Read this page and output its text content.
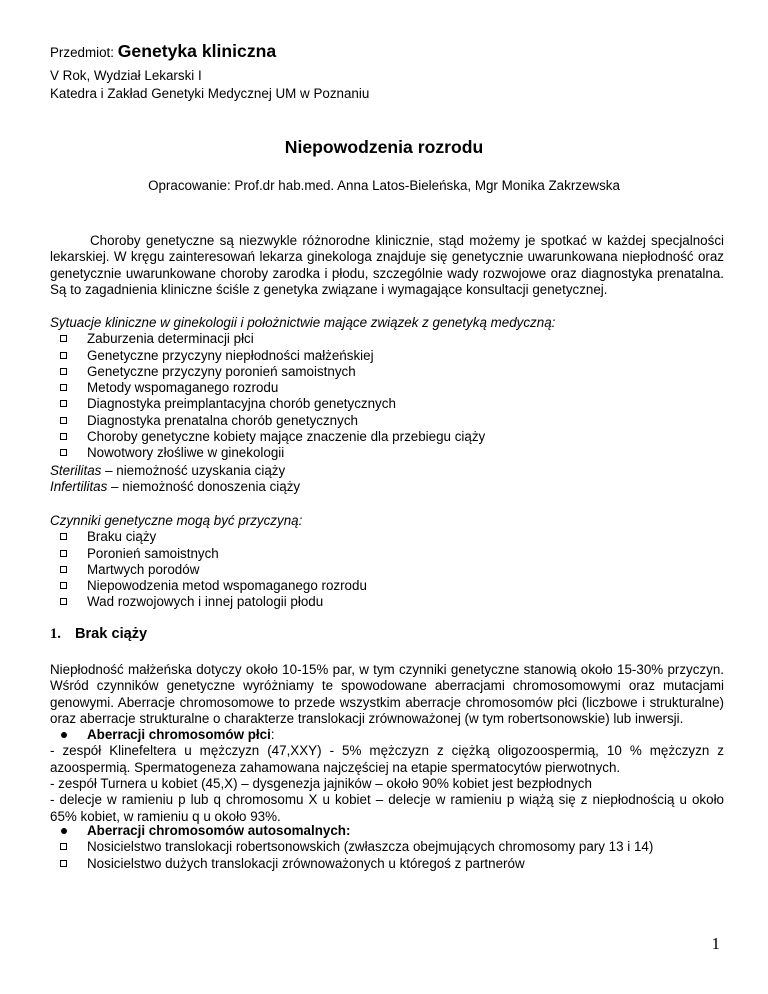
Przedmiot: Genetyka kliniczna
V Rok, Wydział Lekarski I
Katedra i Zakład Genetyki Medycznej UM w Poznaniu
Niepowodzenia rozrodu
Opracowanie: Prof.dr hab.med. Anna Latos-Bieleńska, Mgr Monika Zakrzewska
Choroby genetyczne są niezwykle różnorodne klinicznie, stąd możemy je spotkać w każdej specjalności lekarskiej. W kręgu zainteresowań lekarza ginekologa znajduje się genetycznie uwarunkowana niepłodność oraz genetycznie uwarunkowane choroby zarodka i płodu, szczególnie wady rozwojowe oraz diagnostyka prenatalna. Są to zagadnienia kliniczne ściśle z genetyka związane i wymagające konsultacji genetycznej.
Sytuacje kliniczne w ginekologii i położnictwie mające związek z genetyką medyczną:
Zaburzenia determinacji płci
Genetyczne przyczyny niepłodności małżeńskiej
Genetyczne przyczyny poronień samoistnych
Metody wspomaganego rozrodu
Diagnostyka preimplantacyjna chorób genetycznych
Diagnostyka prenatalna chorób genetycznych
Choroby genetyczne kobiety mające znaczenie dla przebiegu ciąży
Nowotwory złośliwe w ginekologii
Sterilitas – niemożność uzyskania ciąży
Infertilitas – niemożność donoszenia ciąży
Czynniki genetyczne mogą być przyczyną:
Braku ciąży
Poronień samoistnych
Martwych porodów
Niepowodzenia metod wspomaganego rozrodu
Wad rozwojowych i innej patologii płodu
1. Brak ciąży
Niepłodność małżeńska dotyczy około 10-15% par, w tym czynniki genetyczne stanowią około 15-30% przyczyn. Wśród czynników genetyczne wyróżniamy te spowodowane aberracjami chromosomowymi oraz mutacjami genowymi. Aberracje chromosomowe to przede wszystkim aberracje chromosomów płci (liczbowe i strukturalne) oraz aberracje strukturalne o charakterze translokacji zrównoważonej (w tym robertsonowskie) lub inwersji.
Aberracji chromosomów płci:
- zespół Klinefeltera u mężczyzn (47,XXY) - 5% mężczyzn z ciężką oligozoospermią, 10 % mężczyzn z azoospermią. Spermatogeneza zahamowana najczęściej na etapie spermatocytów pierwotnych.
- zespół Turnera u kobiet (45,X) – dysgenezja jajników – około 90% kobiet jest bezpłodnych
- delecje w ramieniu p lub q chromosomu X u kobiet – delecje w ramieniu p wiążą się z niepłodnością u około 65% kobiet, w ramieniu q u około 93%.
Aberracji chromosomów autosomalnych:
Nosicielstwo translokacji robertsonowskich (zwłaszcza obejmujących chromosomy pary 13 i 14)
Nosicielstwo dużych translokacji zrównoważonych u któregoś z partnerów
1
